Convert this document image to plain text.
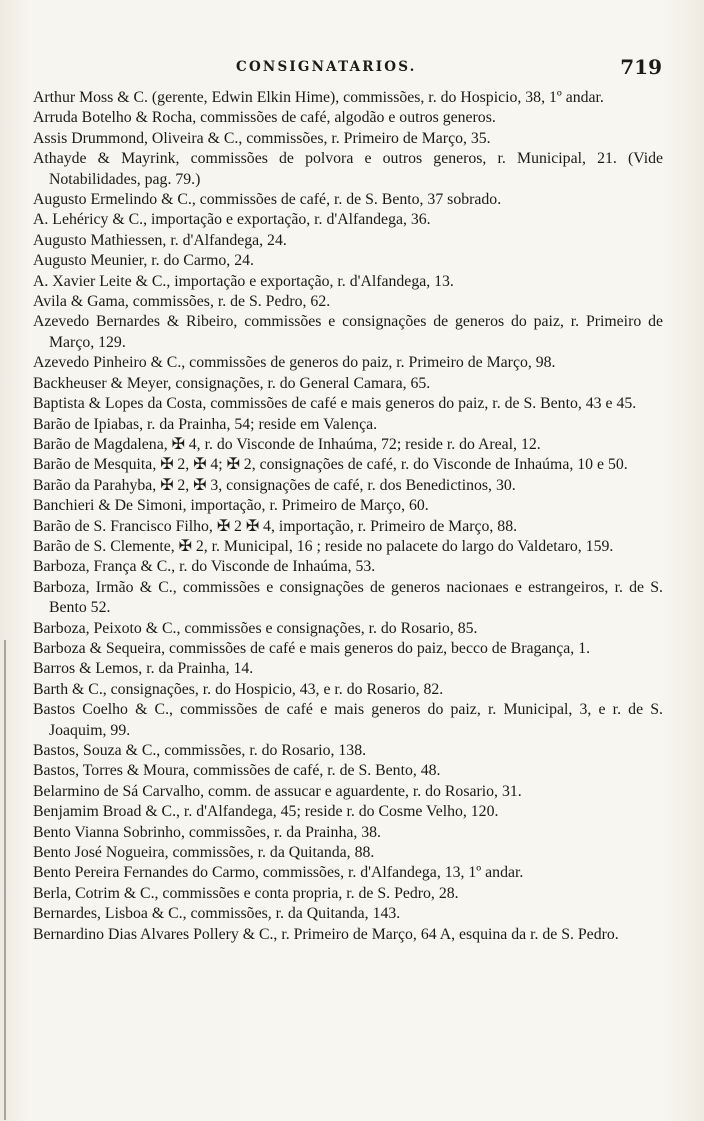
CONSIGNATARIOS.	719

Arthur Moss & C. (gerente, Edwin Elkin Hime), commissões, r. do Hospicio, 38, 1º andar.

Arruda Botelho & Rocha, commissões de café, algodão e outros generos.

Assis Drummond, Oliveira & C., commissões, r. Primeiro de Março, 35.

Athayde & Mayrink, commissões de polvora e outros generos, r. Municipal, 21. (Vide Notabilidades, pag. 79.)

Augusto Ermelindo & C., commissões de café, r. de S. Bento, 37 sobrado.

A. Lehéricy & C., importação e exportação, r. d'Alfandega, 36.

Augusto Mathiessen, r. d'Alfandega, 24.

Augusto Meunier, r. do Carmo, 24.

A. Xavier Leite & C., importação e exportação, r. d'Alfandega, 13.

Avila & Gama, commissões, r. de S. Pedro, 62.

Azevedo Bernardes & Ribeiro, commissões e consignações de generos do paiz, r. Primeiro de Março, 129.

Azevedo Pinheiro & C., commissões de generos do paiz, r. Primeiro de Março, 98.

Backheuser & Meyer, consignações, r. do General Camara, 65.

Baptista & Lopes da Costa, commissões de café e mais generos do paiz, r. de S. Bento, 43 e 45.

Barão de Ipiabas, r. da Prainha, 54; reside em Valença.

Barão de Magdalena, ✠ 4, r. do Visconde de Inhaúma, 72; reside r. do Areal, 12.

Barão de Mesquita, ✠ 2, ✠ 4; ✠ 2, consignações de café, r. do Visconde de Inhaúma, 10 e 50.

Barão da Parahyba, ✠ 2, ✠ 3, consignações de café, r. dos Benedictinos, 30.

Banchieri & De Simoni, importação, r. Primeiro de Março, 60.

Barão de S. Francisco Filho, ✠ 2 ✠ 4, importação, r. Primeiro de Março, 88.

Barão de S. Clemente, ✠ 2, r. Municipal, 16 ; reside no palacete do largo do Valdetaro, 159.

Barboza, França & C., r. do Visconde de Inhaúma, 53.

Barboza, Irmão & C., commissões e consignações de generos nacionaes e estrangeiros, r. de S. Bento 52.

Barboza, Peixoto & C., commissões e consignações, r. do Rosario, 85.

Barboza & Sequeira, commissões de café e mais generos do paiz, becco de Bragança, 1.

Barros & Lemos, r. da Prainha, 14.

Barth & C., consignações, r. do Hospicio, 43, e r. do Rosario, 82.

Bastos Coelho & C., commissões de café e mais generos do paiz, r. Municipal, 3, e r. de S. Joaquim, 99.

Bastos, Souza & C., commissões, r. do Rosario, 138.

Bastos, Torres & Moura, commissões de café, r. de S. Bento, 48.

Belarmino de Sá Carvalho, comm. de assucar e aguardente, r. do Rosario, 31.

Benjamim Broad & C., r. d'Alfandega, 45; reside r. do Cosme Velho, 120.

Bento Vianna Sobrinho, commissões, r. da Prainha, 38.

Bento José Nogueira, commissões, r. da Quitanda, 88.

Bento Pereira Fernandes do Carmo, commissões, r. d'Alfandega, 13, 1º andar.

Berla, Cotrim & C., commissões e conta propria, r. de S. Pedro, 28.

Bernardes, Lisboa & C., commissões, r. da Quitanda, 143.

Bernardino Dias Alvares Pollery & C., r. Primeiro de Março, 64 A, esquina da r. de S. Pedro.
